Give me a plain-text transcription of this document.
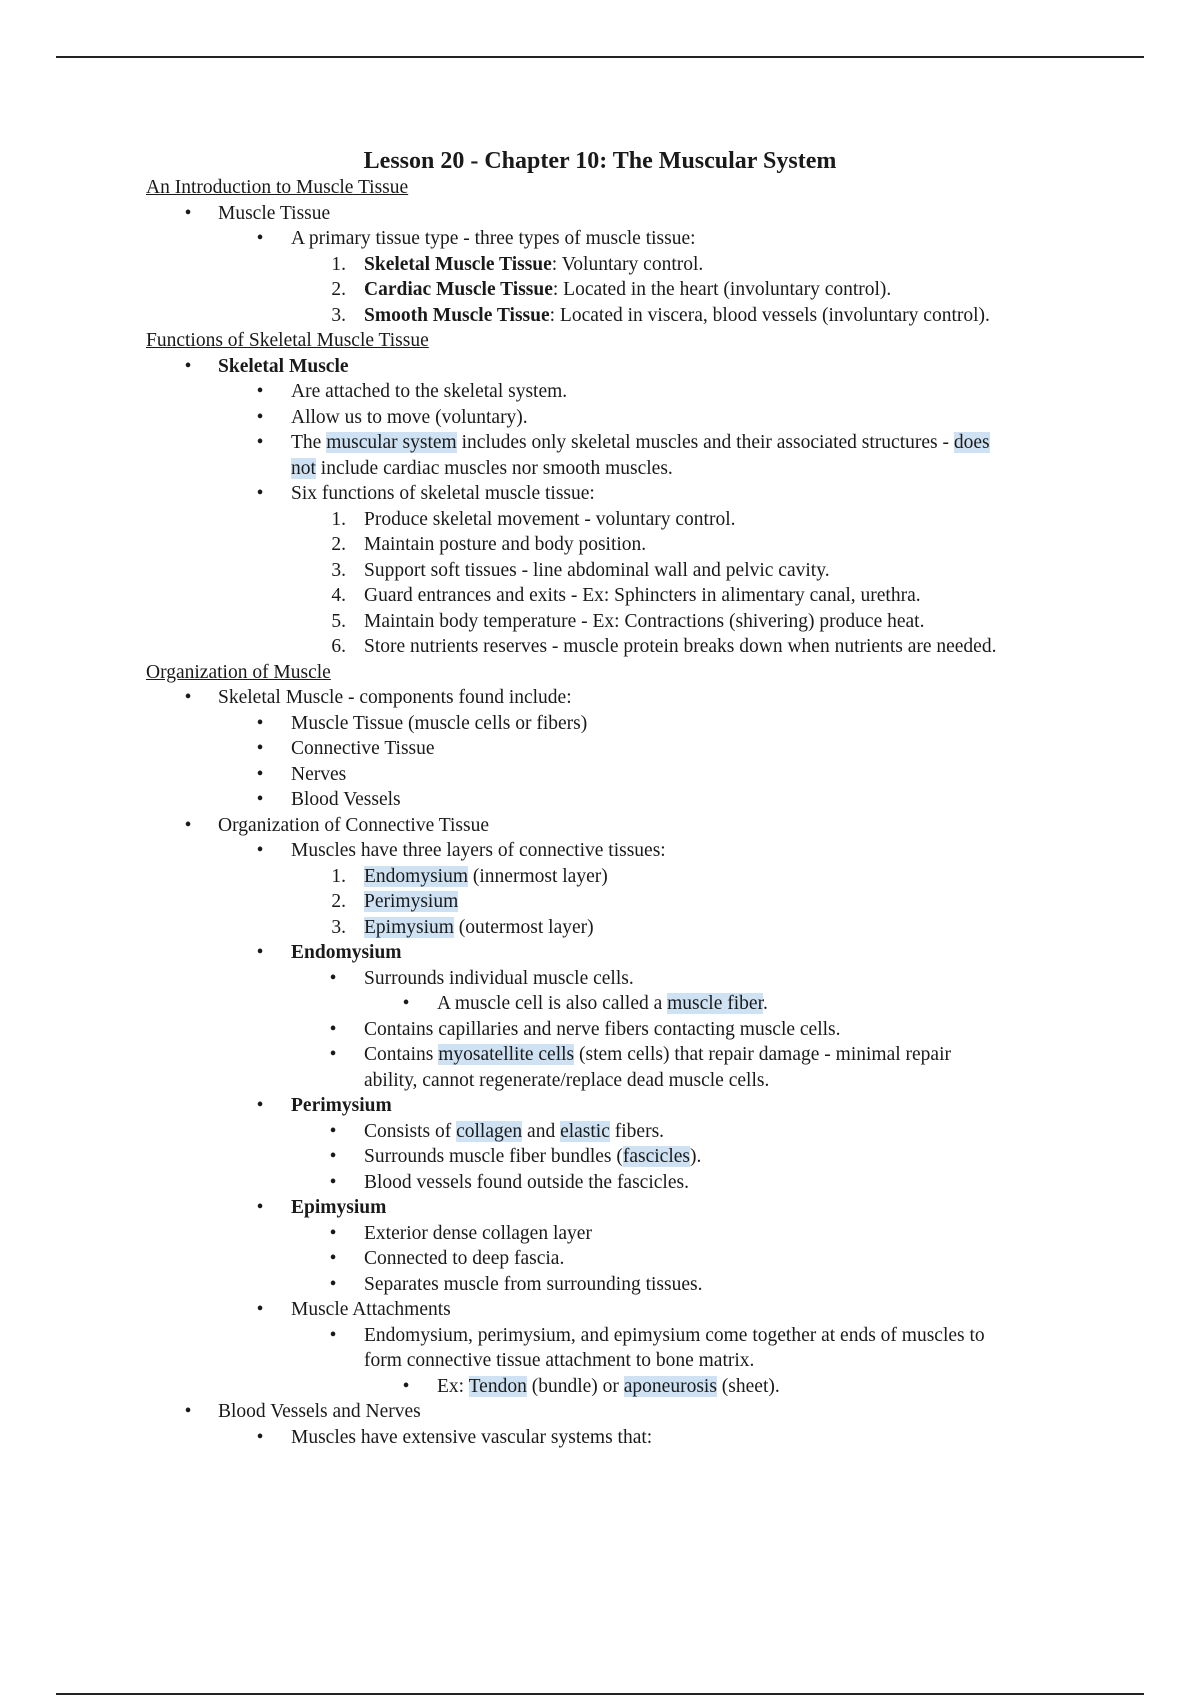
Lesson 20 - Chapter 10: The Muscular System
An Introduction to Muscle Tissue
•	Muscle Tissue
•	A primary tissue type - three types of muscle tissue:
1. Skeletal Muscle Tissue: Voluntary control.
2. Cardiac Muscle Tissue: Located in the heart (involuntary control).
3. Smooth Muscle Tissue: Located in viscera, blood vessels (involuntary control).
Functions of Skeletal Muscle Tissue
•	Skeletal Muscle
•	Are attached to the skeletal system.
•	Allow us to move (voluntary).
•	The muscular system includes only skeletal muscles and their associated structures - does
not include cardiac muscles nor smooth muscles.
•	Six functions of skeletal muscle tissue:
1. Produce skeletal movement - voluntary control.
2. Maintain posture and body position.
3. Support soft tissues - line abdominal wall and pelvic cavity.
4. Guard entrances and exits - Ex: Sphincters in alimentary canal, urethra.
5. Maintain body temperature - Ex: Contractions (shivering) produce heat.
6. Store nutrients reserves - muscle protein breaks down when nutrients are needed.
Organization of Muscle
•	Skeletal Muscle - components found include:
•	Muscle Tissue (muscle cells or fibers)
•	Connective Tissue
•	Nerves
•	Blood Vessels
•	Organization of Connective Tissue
•	Muscles have three layers of connective tissues:
1. Endomysium (innermost layer)
2. Perimysium
3. Epimysium (outermost layer)
•	Endomysium
•	Surrounds individual muscle cells.
•	A muscle cell is also called a muscle fiber.
•	Contains capillaries and nerve fibers contacting muscle cells.
•	Contains myosatellite cells (stem cells) that repair damage - minimal repair
ability, cannot regenerate/replace dead muscle cells.
•	Perimysium
•	Consists of collagen and elastic fibers.
•	Surrounds muscle fiber bundles (fascicles).
•	Blood vessels found outside the fascicles.
•	Epimysium
•	Exterior dense collagen layer
•	Connected to deep fascia.
•	Separates muscle from surrounding tissues.
•	Muscle Attachments
•	Endomysium, perimysium, and epimysium come together at ends of muscles to
form connective tissue attachment to bone matrix.
•	Ex: Tendon (bundle) or aponeurosis (sheet).
•	Blood Vessels and Nerves
•	Muscles have extensive vascular systems that:
